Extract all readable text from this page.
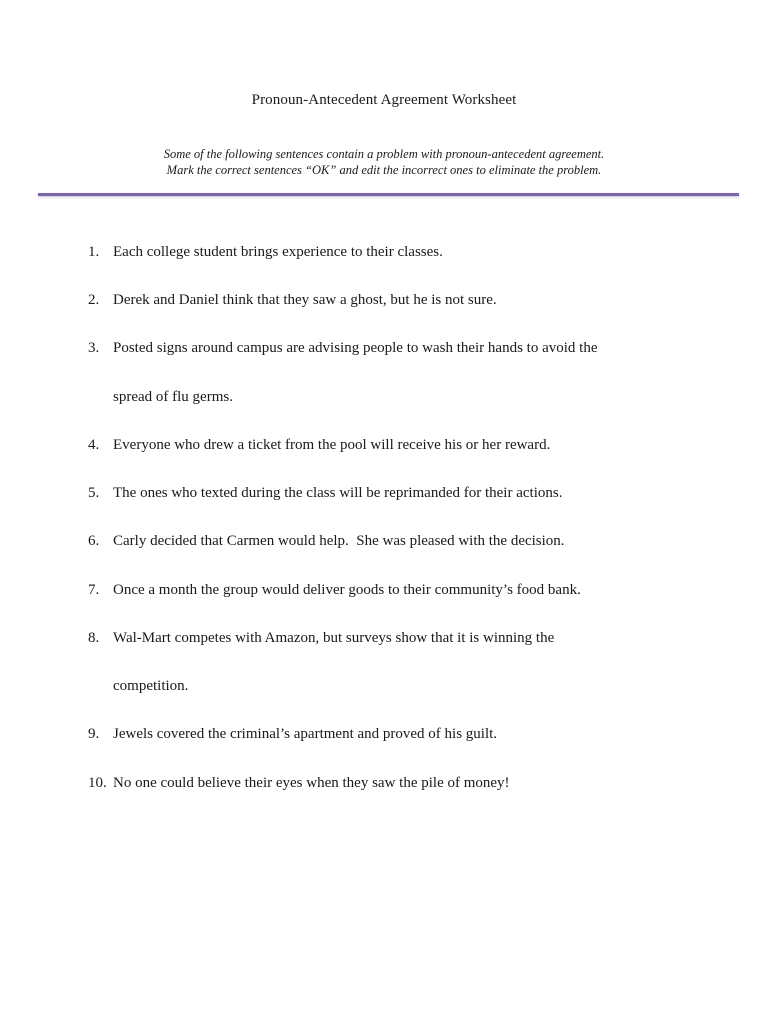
Pronoun-Antecedent Agreement Worksheet
Some of the following sentences contain a problem with pronoun-antecedent agreement.
Mark the correct sentences “OK” and edit the incorrect ones to eliminate the problem.
1. Each college student brings experience to their classes.
2. Derek and Daniel think that they saw a ghost, but he is not sure.
3. Posted signs around campus are advising people to wash their hands to avoid the
spread of flu germs.
4. Everyone who drew a ticket from the pool will receive his or her reward.
5. The ones who texted during the class will be reprimanded for their actions.
6. Carly decided that Carmen would help.  She was pleased with the decision.
7. Once a month the group would deliver goods to their community’s food bank.
8. Wal-Mart competes with Amazon, but surveys show that it is winning the
competition.
9. Jewels covered the criminal’s apartment and proved of his guilt.
10. No one could believe their eyes when they saw the pile of money!
